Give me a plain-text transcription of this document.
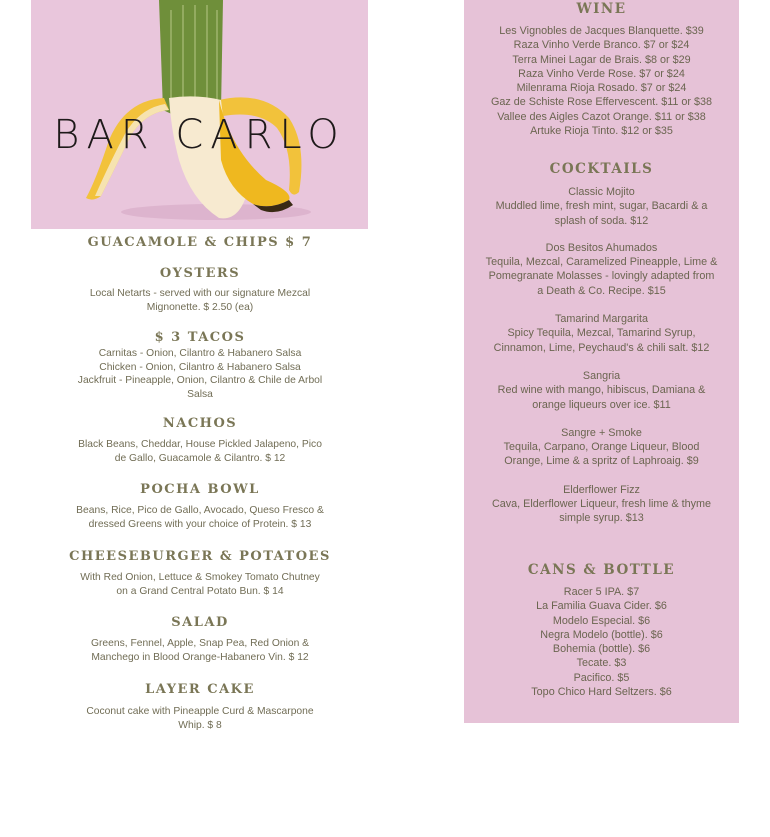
BAR CARLO
GUACAMOLE & CHIPS $ 7
OYSTERS
Local Netarts - served with our signature Mezcal
Mignonette. $ 2.50 (ea)
$ 3 TACOS
Carnitas - Onion, Cilantro & Habanero Salsa
Chicken - Onion, Cilantro & Habanero Salsa
Jackfruit - Pineapple, Onion, Cilantro & Chile de Arbol
Salsa
NACHOS
Black Beans, Cheddar, House Pickled Jalapeno, Pico
de Gallo, Guacamole & Cilantro. $ 12
POCHA BOWL
Beans, Rice, Pico de Gallo, Avocado, Queso Fresco &
dressed Greens with your choice of Protein. $ 13
CHEESEBURGER & POTATOES
With Red Onion, Lettuce & Smokey Tomato Chutney
on a Grand Central Potato Bun. $ 14
SALAD
Greens, Fennel, Apple, Snap Pea, Red Onion &
Manchego in Blood Orange-Habanero Vin. $ 12
LAYER CAKE
Coconut cake with Pineapple Curd & Mascarpone
Whip. $ 8
WINE
Les Vignobles de Jacques Blanquette. $39
Raza Vinho Verde Branco. $7 or $24
Terra Minei Lagar de Brais. $8 or $29
Raza Vinho Verde Rose. $7 or $24
Milenrama Rioja Rosado. $7 or $24
Gaz de Schiste Rose Effervescent. $11 or $38
Vallee des Aigles Cazot Orange. $11 or $38
Artuke Rioja Tinto. $12 or $35
COCKTAILS
Classic Mojito
Muddled lime, fresh mint, sugar, Bacardi & a
splash of soda. $12
Dos Besitos Ahumados
Tequila, Mezcal, Caramelized Pineapple, Lime &
Pomegranate Molasses - lovingly adapted from
a Death & Co. Recipe. $15
Tamarind Margarita
Spicy Tequila, Mezcal, Tamarind Syrup,
Cinnamon, Lime, Peychaud's & chili salt. $12
Sangria
Red wine with mango, hibiscus, Damiana &
orange liqueurs over ice. $11
Sangre + Smoke
Tequila, Carpano, Orange Liqueur, Blood
Orange, Lime & a spritz of Laphroaig. $9
Elderflower Fizz
Cava, Elderflower Liqueur, fresh lime & thyme
simple syrup. $13
CANS & BOTTLE
Racer 5 IPA. $7
La Familia Guava Cider. $6
Modelo Especial. $6
Negra Modelo (bottle). $6
Bohemia (bottle). $6
Tecate. $3
Pacifico. $5
Topo Chico Hard Seltzers. $6
